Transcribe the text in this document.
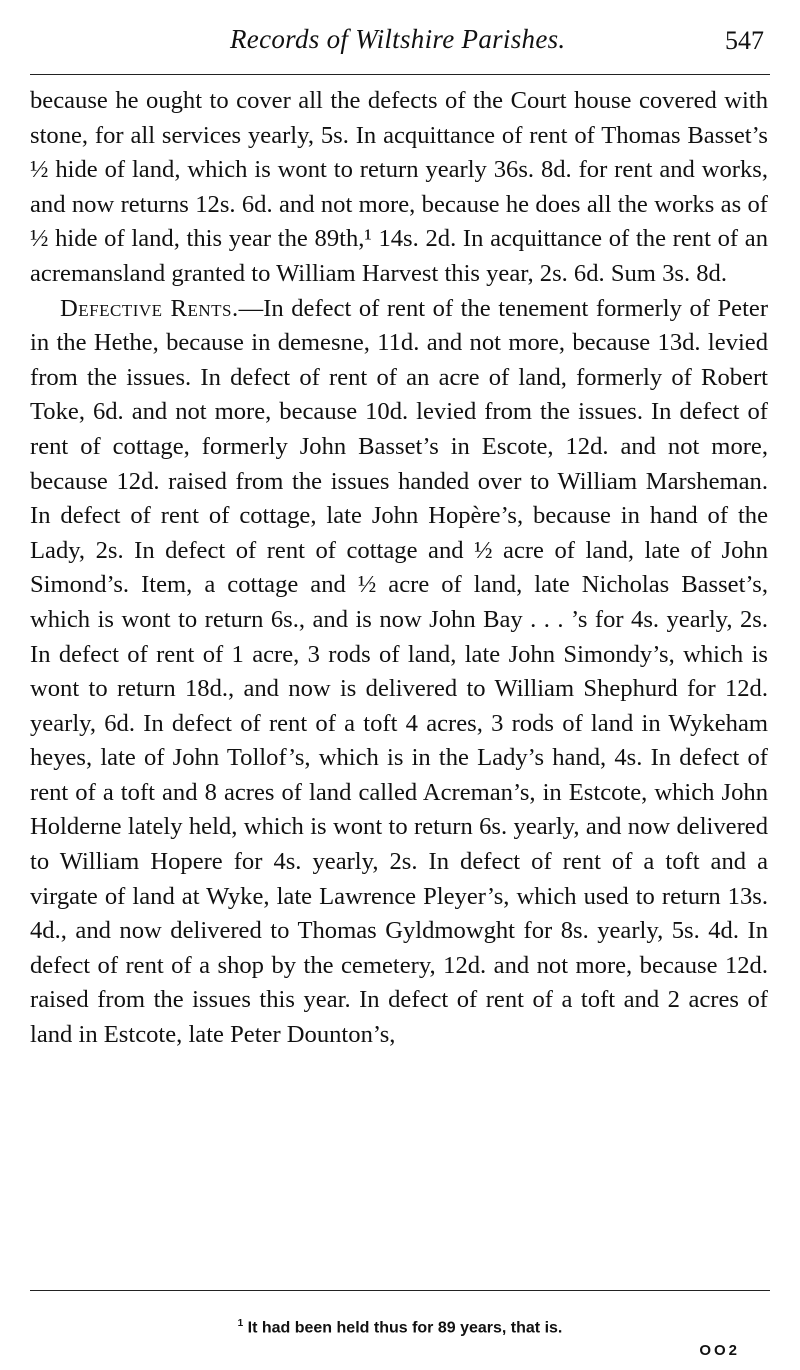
Records of Wiltshire Parishes.	547

because he ought to cover all the defects of the Court house covered with stone, for all services yearly, 5s. In acquittance of rent of Thomas Basset’s ½ hide of land, which is wont to return yearly 36s. 8d. for rent and works, and now returns 12s. 6d. and not more, because he does all the works as of ½ hide of land, this year the 89th,¹ 14s. 2d. In acquittance of the rent of an acremansland granted to William Harvest this year, 2s. 6d. Sum 3s. 8d.

Defective Rents.—In defect of rent of the tenement formerly of Peter in the Hethe, because in demesne, 11d. and not more, because 13d. levied from the issues. In defect of rent of an acre of land, formerly of Robert Toke, 6d. and not more, because 10d. levied from the issues. In defect of rent of cottage, formerly John Basset’s in Escote, 12d. and not more, because 12d. raised from the issues handed over to William Marsheman. In defect of rent of cottage, late John Hopère’s, because in hand of the Lady, 2s. In defect of rent of cottage and ½ acre of land, late of John Simond’s. Item, a cottage and ½ acre of land, late Nicholas Basset’s, which is wont to return 6s., and is now John Bay . . . ’s for 4s. yearly, 2s. In defect of rent of 1 acre, 3 rods of land, late John Simondy’s, which is wont to return 18d., and now is delivered to William Shephurd for 12d. yearly, 6d. In defect of rent of a toft 4 acres, 3 rods of land in Wykeham heyes, late of John Tollof’s, which is in the Lady’s hand, 4s. In defect of rent of a toft and 8 acres of land called Acreman’s, in Estcote, which John Holderne lately held, which is wont to return 6s. yearly, and now delivered to William Hopere for 4s. yearly, 2s. In defect of rent of a toft and a virgate of land at Wyke, late Lawrence Pleyer’s, which used to return 13s. 4d., and now delivered to Thomas Gyldmowght for 8s. yearly, 5s. 4d. In defect of rent of a shop by the cemetery, 12d. and not more, because 12d. raised from the issues this year. In defect of rent of a toft and 2 acres of land in Estcote, late Peter Dounton’s,

$^1$ It had been held thus for 89 years, that is.
OO2
